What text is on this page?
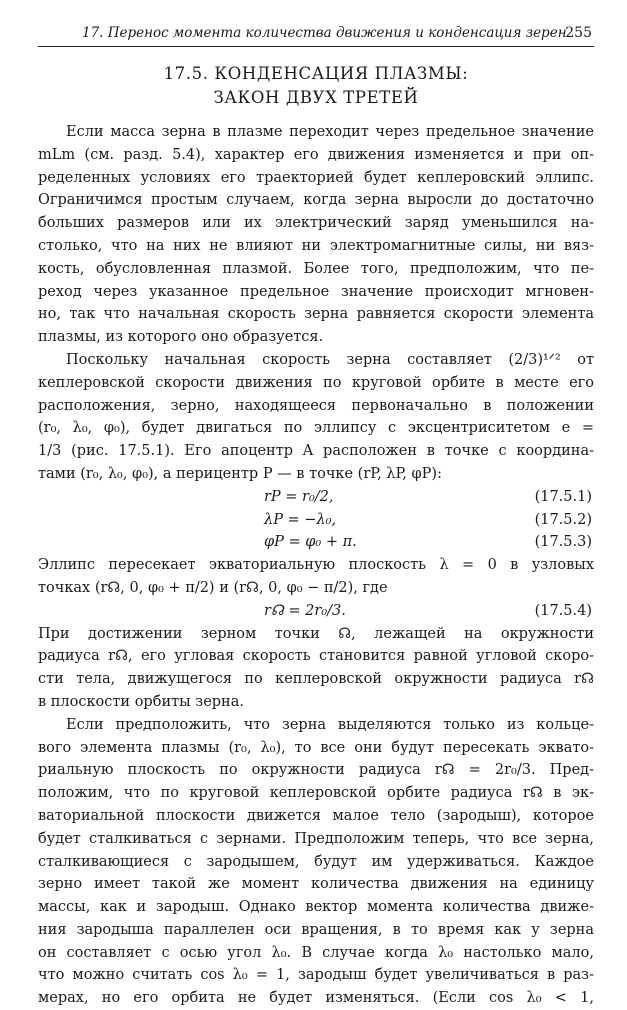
17. Перенос момента количества движения и конденсация зерен
255
17.5. КОНДЕНСАЦИЯ ПЛАЗМЫ:
ЗАКОН ДВУХ ТРЕТЕЙ
Если масса зерна в плазме переходит через предельное значение
mLm (см. разд. 5.4), характер его движения изменяется и при оп-
ределенных условиях его траекторией будет кеплеровский эллипс.
Ограничимся простым случаем, когда зерна выросли до достаточно
больших размеров или их электрический заряд уменьшился на-
столько, что на них не влияют ни электромагнитные силы, ни вяз-
кость, обусловленная плазмой. Более того, предположим, что пе-
реход через указанное предельное значение происходит мгновен-
но, так что начальная скорость зерна равняется скорости элемента
плазмы, из которого оно образуется.
Поскольку начальная скорость зерна составляет (2/3)¹ᐟ² от
кеплеровской скорости движения по круговой орбите в месте его
расположения, зерно, находящееся первоначально в положении
(r₀, λ₀, φ₀), будет двигаться по эллипсу с эксцентриситетом e =
1/3 (рис. 17.5.1). Его апоцентр A расположен в точке с координа-
тами (r₀, λ₀, φ₀), а перицентр P — в точке (rP, λP, φP):
rP = r₀/2,	(17.5.1)
λP = −λ₀,	(17.5.2)
φP = φ₀ + π.	(17.5.3)
Эллипс пересекает экваториальную плоскость λ = 0 в узловых
точках (r☊, 0, φ₀ + π/2) и (r☊, 0, φ₀ − π/2), где
r☊ = 2r₀/3.	(17.5.4)
При достижении зерном точки ☊, лежащей на окружности
радиуса r☊, его угловая скорость становится равной угловой скоро-
сти тела, движущегося по кеплеровской окружности радиуса r☊
в плоскости орбиты зерна.
Если предположить, что зерна выделяются только из кольце-
вого элемента плазмы (r₀, λ₀), то все они будут пересекать эквато-
риальную плоскость по окружности радиуса r☊ = 2r₀/3. Пред-
положим, что по круговой кеплеровской орбите радиуса r☊ в эк-
ваториальной плоскости движется малое тело (зародыш), которое
будет сталкиваться с зернами. Предположим теперь, что все зерна,
сталкивающиеся с зародышем, будут им удерживаться. Каждое
зерно имеет такой же момент количества движения на единицу
массы, как и зародыш. Однако вектор момента количества движе-
ния зародыша параллелен оси вращения, в то время как у зерна
он составляет с осью угол λ₀. В случае когда λ₀ настолько мало,
что можно считать cos λ₀ = 1, зародыш будет увеличиваться в раз-
мерах, но его орбита не будет изменяться. (Если cos λ₀ < 1,
